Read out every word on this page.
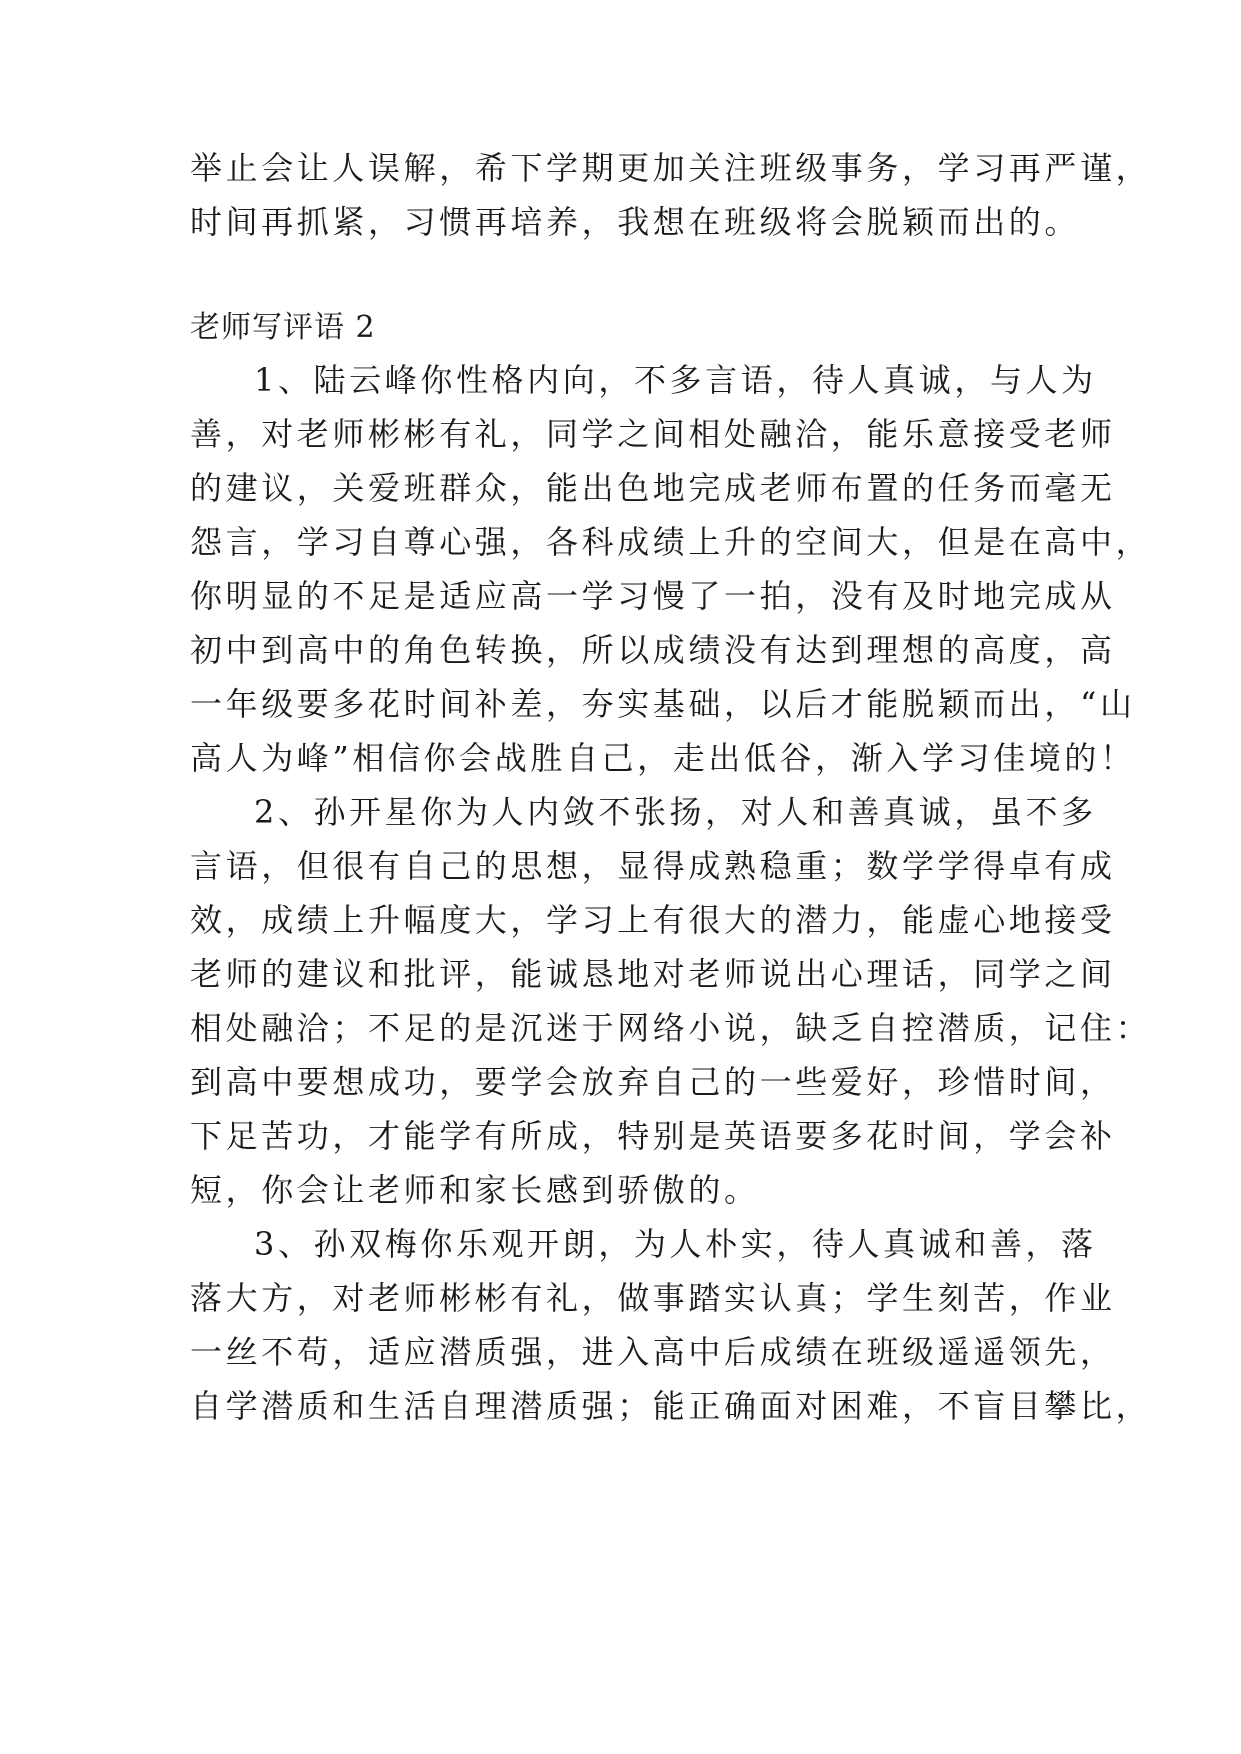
举止会让人误解，希下学期更加关注班级事务，学习再严谨，
时间再抓紧，习惯再培养，我想在班级将会脱颖而出的。
老师写评语 2
1、陆云峰你性格内向，不多言语，待人真诚，与人为
善，对老师彬彬有礼，同学之间相处融洽，能乐意接受老师
的建议，关爱班群众，能出色地完成老师布置的任务而毫无
怨言，学习自尊心强，各科成绩上升的空间大，但是在高中，
你明显的不足是适应高一学习慢了一拍，没有及时地完成从
初中到高中的角色转换，所以成绩没有达到理想的高度，高
一年级要多花时间补差，夯实基础，以后才能脱颖而出，“山
高人为峰”相信你会战胜自己，走出低谷，渐入学习佳境的！
2、孙开星你为人内敛不张扬，对人和善真诚，虽不多
言语，但很有自己的思想，显得成熟稳重；数学学得卓有成
效，成绩上升幅度大，学习上有很大的潜力，能虚心地接受
老师的建议和批评，能诚恳地对老师说出心理话，同学之间
相处融洽；不足的是沉迷于网络小说，缺乏自控潜质，记住：
到高中要想成功，要学会放弃自己的一些爱好，珍惜时间，
下足苦功，才能学有所成，特别是英语要多花时间，学会补
短，你会让老师和家长感到骄傲的。
3、孙双梅你乐观开朗，为人朴实，待人真诚和善，落
落大方，对老师彬彬有礼，做事踏实认真；学生刻苦，作业
一丝不苟，适应潜质强，进入高中后成绩在班级遥遥领先，
自学潜质和生活自理潜质强；能正确面对困难，不盲目攀比，
